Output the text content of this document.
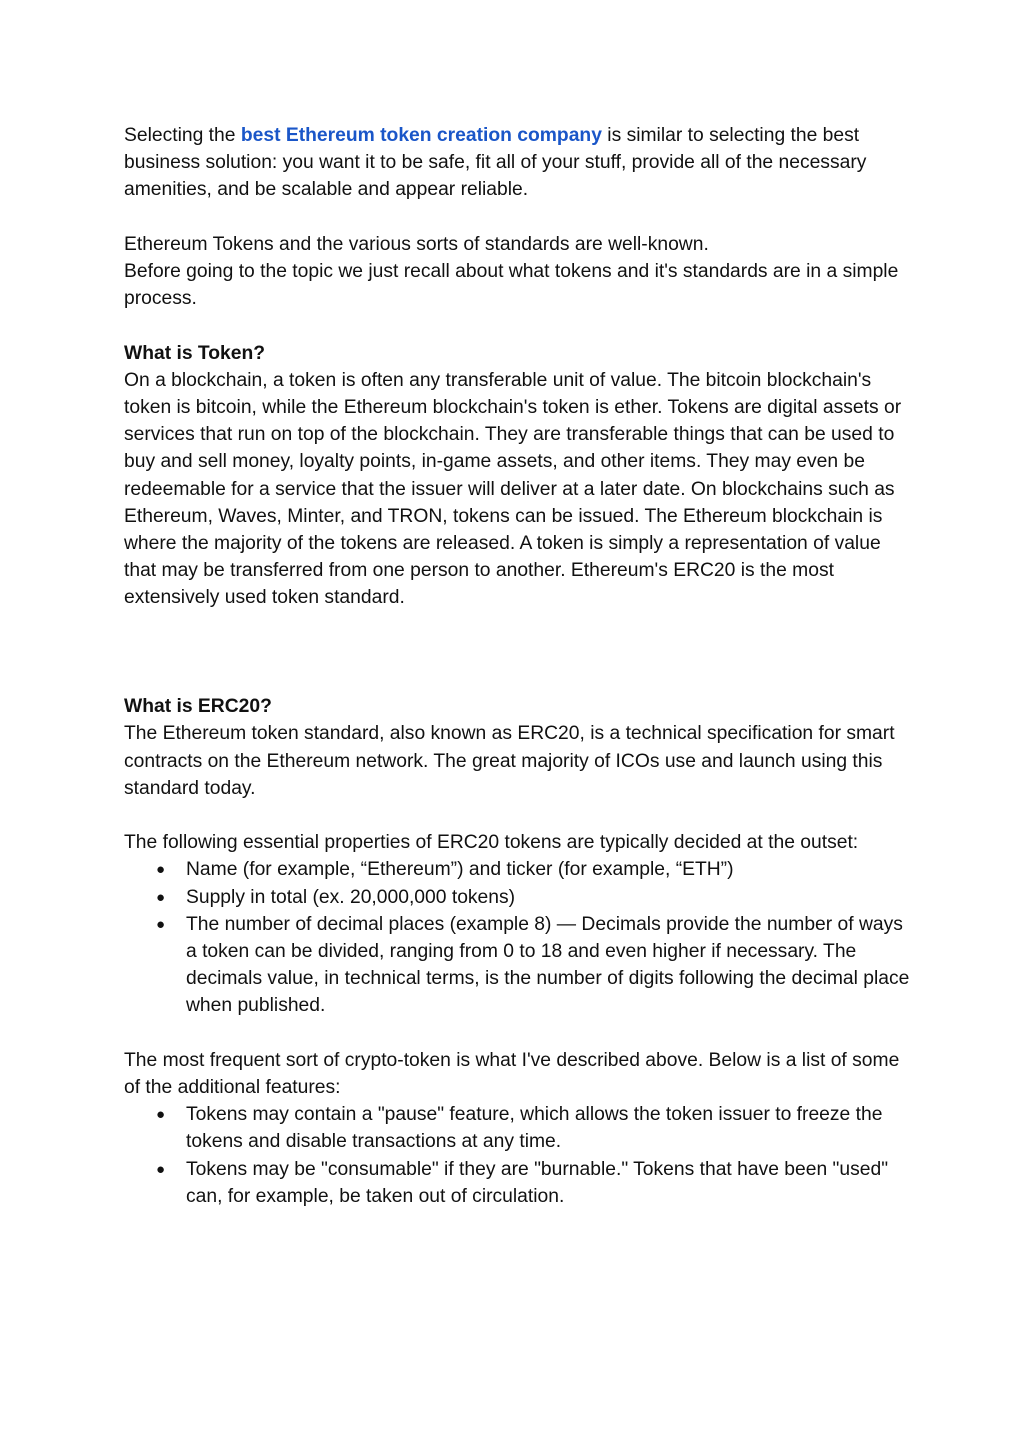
Selecting the best Ethereum token creation company is similar to selecting the best business solution: you want it to be safe, fit all of your stuff, provide all of the necessary amenities, and be scalable and appear reliable.

Ethereum Tokens and the various sorts of standards are well-known.

Before going to the topic we just recall about what tokens and it's standards are in a simple process.

What is Token?

On a blockchain, a token is often any transferable unit of value. The bitcoin blockchain's token is bitcoin, while the Ethereum blockchain's token is ether. Tokens are digital assets or services that run on top of the blockchain. They are transferable things that can be used to buy and sell money, loyalty points, in-game assets, and other items. They may even be redeemable for a service that the issuer will deliver at a later date. On blockchains such as Ethereum, Waves, Minter, and TRON, tokens can be issued. The Ethereum blockchain is where the majority of the tokens are released. A token is simply a representation of value  that may be transferred from one person to another. Ethereum's ERC20 is the most extensively used token standard.

What is ERC20?

The Ethereum token standard, also known as ERC20, is a technical specification for smart contracts on the Ethereum network. The great majority of ICOs use and launch using this standard today.

The following essential properties of ERC20 tokens are typically decided at the outset:

● Name (for example, “Ethereum”) and ticker (for example, “ETH”)
● Supply in total (ex. 20,000,000 tokens)
● The number of decimal places (example 8) — Decimals provide the number of ways a token can be divided, ranging from 0 to 18 and even higher if necessary. The decimals value, in technical terms, is the number of digits following the decimal place when published.

The most frequent sort of crypto-token is what I've described above. Below is a list of some of the additional features:

● Tokens may contain a "pause" feature, which allows the token issuer to freeze the tokens and disable transactions at any time.
● Tokens may be "consumable" if they are "burnable." Tokens that have been "used" can, for example, be taken out of circulation.
